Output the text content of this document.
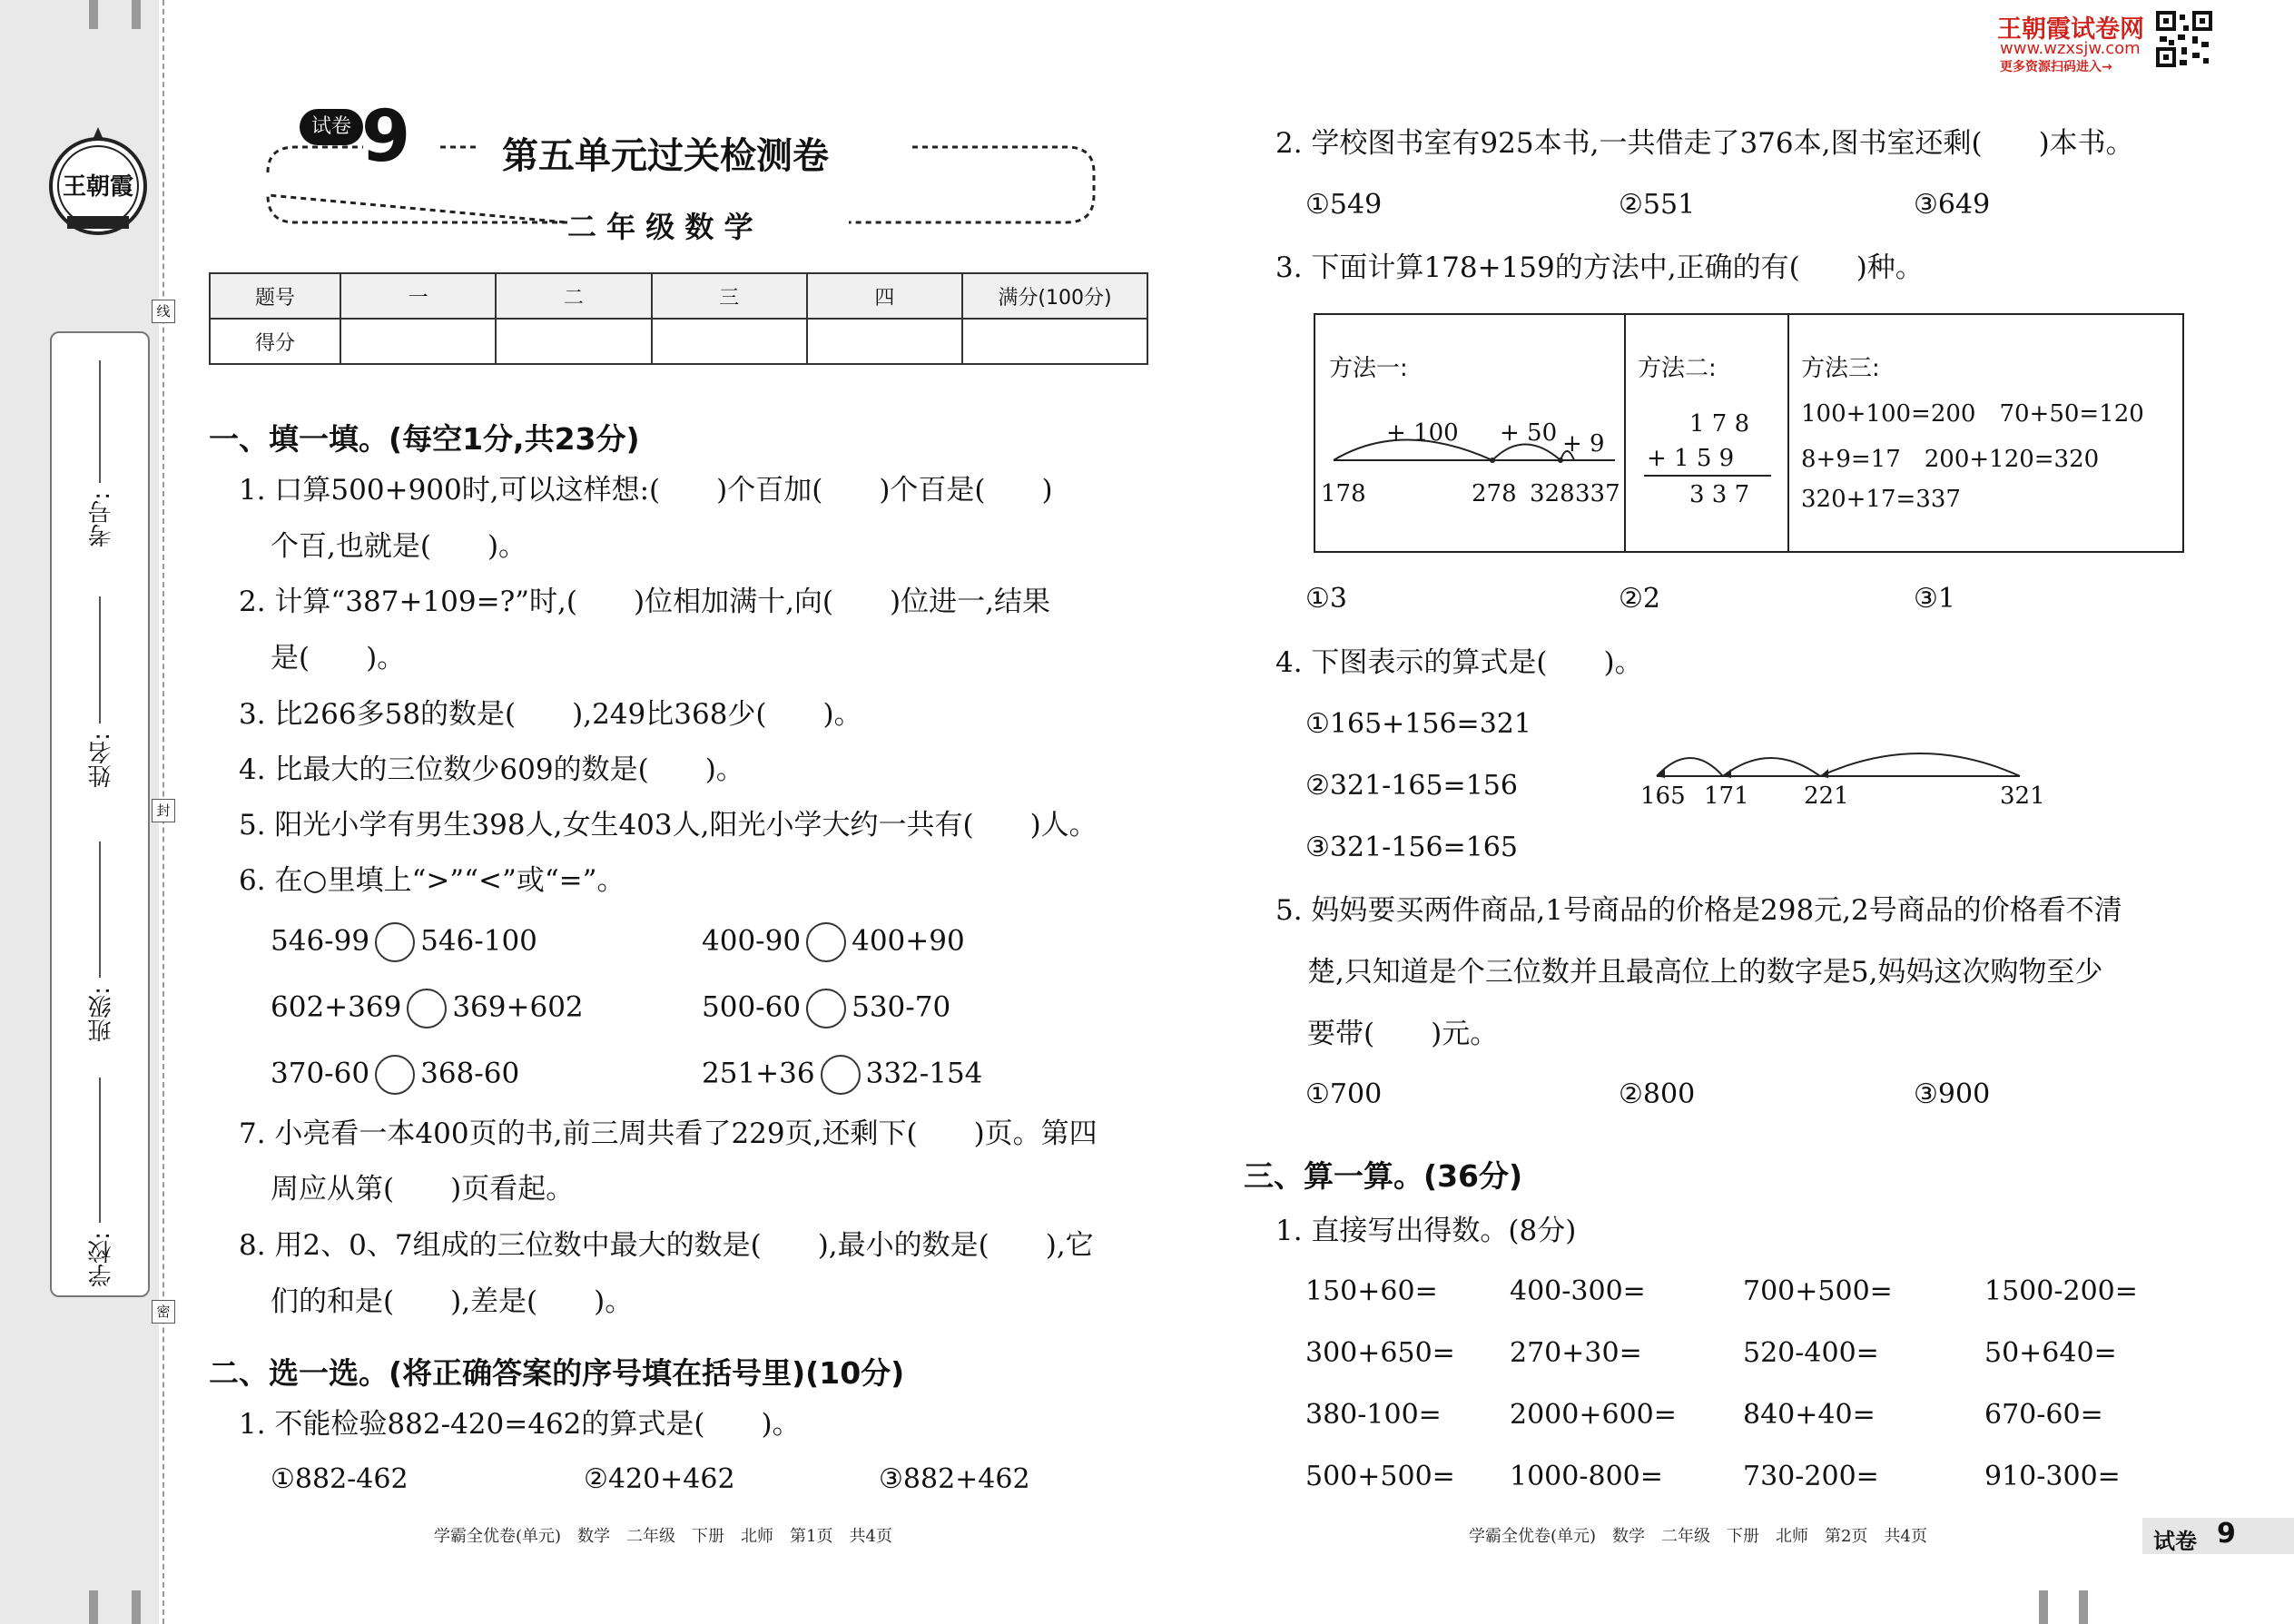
王朝霞
学校:
班级:
姓名:
考号:
线
封
密
试卷 9	第五单元过关检测卷
二 年 级 数 学
题号	一	二	三	四	满分(100分)
得分					
一、填一填。(每空1分,共23分)
1. 口算500+900时,可以这样想:(　　)个百加(　　)个百是(　　)
个百,也就是(　　)。
2. 计算“387+109=?”时,(　　)位相加满十,向(　　)位进一,结果
是(　　)。
3. 比266多58的数是(　　),249比368少(　　)。
4. 比最大的三位数少609的数是(　　)。
5. 阳光小学有男生398人,女生403人,阳光小学大约一共有(　　)人。
6. 在○里填上“>”“<”或“=”。
546-99 546-100	400-90 400+90
602+369 369+602	500-60 530-70
370-60 368-60	251+36 332-154
7. 小亮看一本400页的书,前三周共看了229页,还剩下(　　)页。第四
周应从第(　　)页看起。
8. 用2、0、7组成的三位数中最大的数是(　　),最小的数是(　　),它
们的和是(　　),差是(　　)。
二、选一选。(将正确答案的序号填在括号里)(10分)
1. 不能检验882-420=462的算式是(　　)。
①882-462	②420+462	③882+462
学霸全优卷(单元)　数学　二年级　下册　北师　第1页　共4页
王朝霞试卷网
www.wzxsjw.com
更多资源扫码进入→
2. 学校图书室有925本书,一共借走了376本,图书室还剩(　　)本书。
①549	②551	③649
3. 下面计算178+159的方法中,正确的有(　　)种。
方法一:
+ 100 + 50 + 9
178	278 328 337
方法二:
1 7 8
+ 1 5 9
3 3 7
方法三:
100+100=200　70+50=120
8+9=17　200+120=320
320+17=337
①3	②2	③1
4. 下图表示的算式是(　　)。
①165+156=321
②321-165=156
③321-156=165
165 171 221	321
5. 妈妈要买两件商品,1号商品的价格是298元,2号商品的价格看不清
楚,只知道是个三位数并且最高位上的数字是5,妈妈这次购物至少
要带(　　)元。
①700	②800	③900
三、算一算。(36分)
1. 直接写出得数。(8分)
150+60=	400-300=	700+500=	1500-200=
300+650= 270+30=	520-400=	50+640=
380-100=	2000+600= 840+40=	670-60=
500+500= 1000-800=	730-200=	910-300=
学霸全优卷(单元)　数学　二年级　下册　北师　第2页　共4页	试卷 9
